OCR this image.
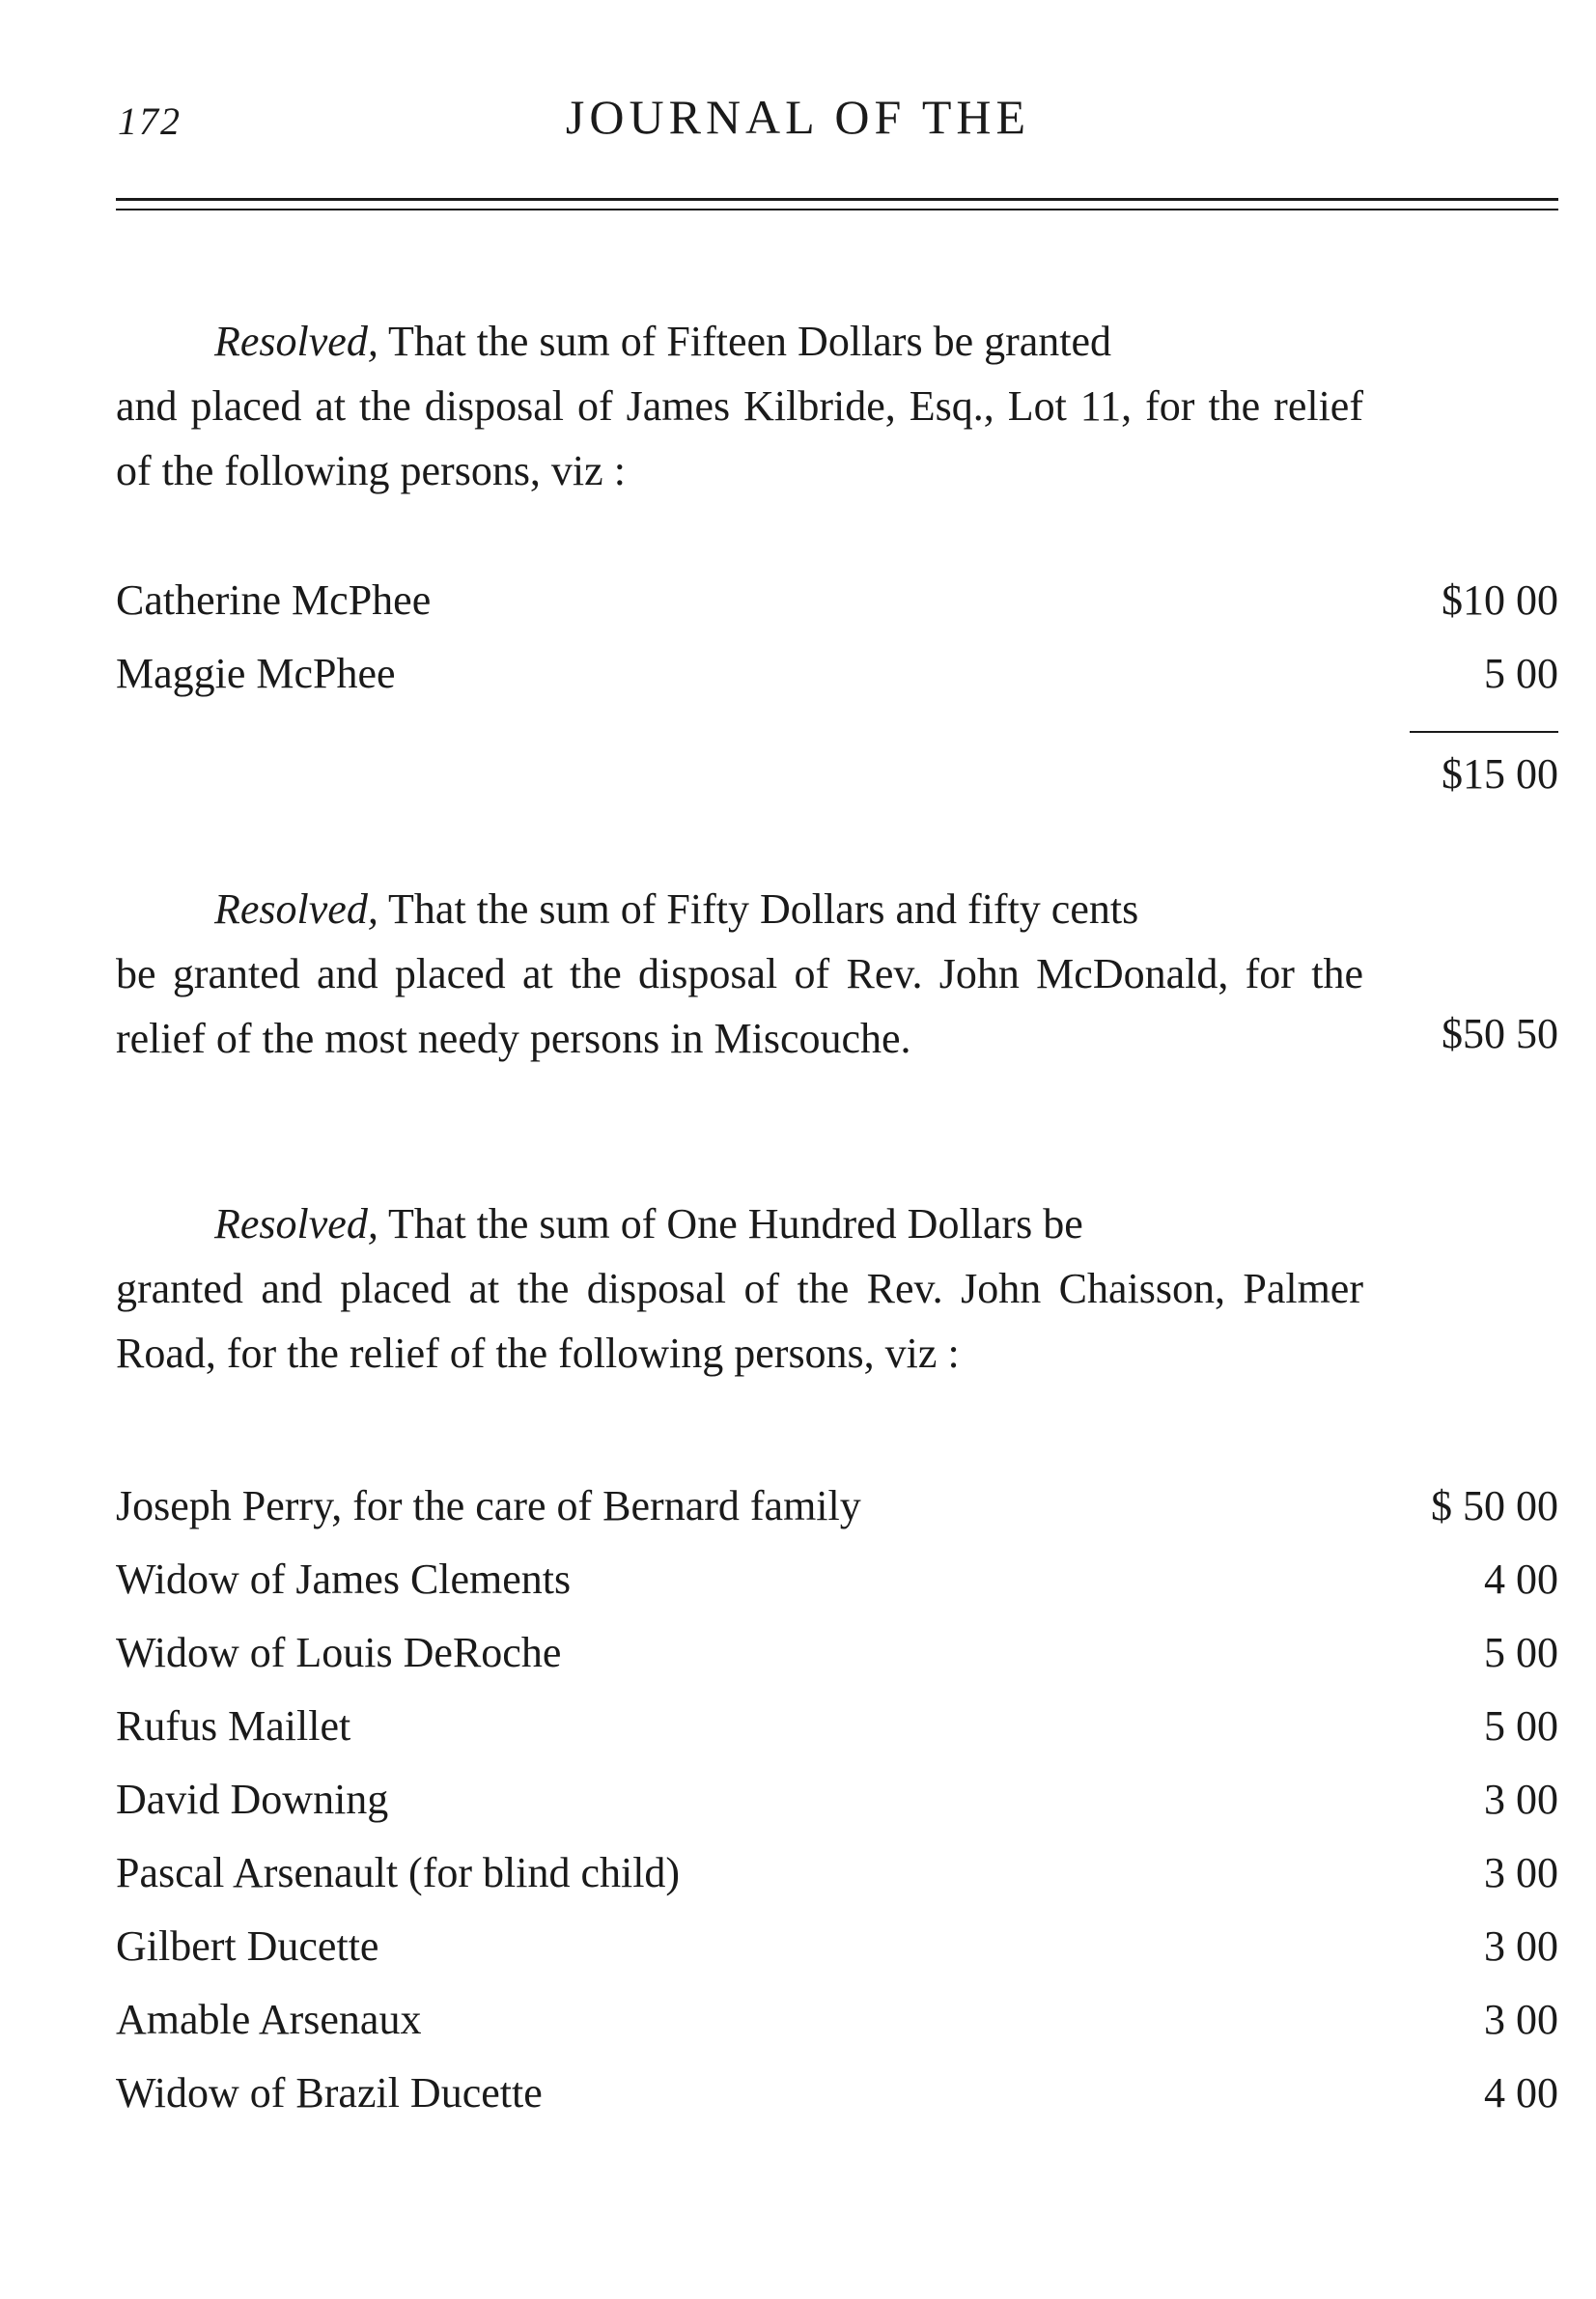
172	JOURNAL OF THE
Resolved, That the sum of Fifteen Dollars be granted
and placed at the disposal of James Kilbride, Esq., Lot 11, for the relief of the following persons, viz :
Catherine McPhee	$10 00
Maggie McPhee	5 00
$15 00
Resolved, That the sum of Fifty Dollars and fifty cents
be granted and placed at the disposal of Rev. John McDonald, for the relief of the most needy persons in Miscouche.	$50 50
Resolved, That the sum of One Hundred Dollars be
granted and placed at the disposal of the Rev. John Chaisson, Palmer Road, for the relief of the following persons, viz :
Joseph Perry, for the care of Bernard family	$ 50 00
Widow of James Clements	4 00
Widow of Louis DeRoche	5 00
Rufus Maillet	5 00
David Downing	3 00
Pascal Arsenault (for blind child)	3 00
Gilbert Ducette	3 00
Amable Arsenaux	3 00
Widow of Brazil Ducette	4 00
